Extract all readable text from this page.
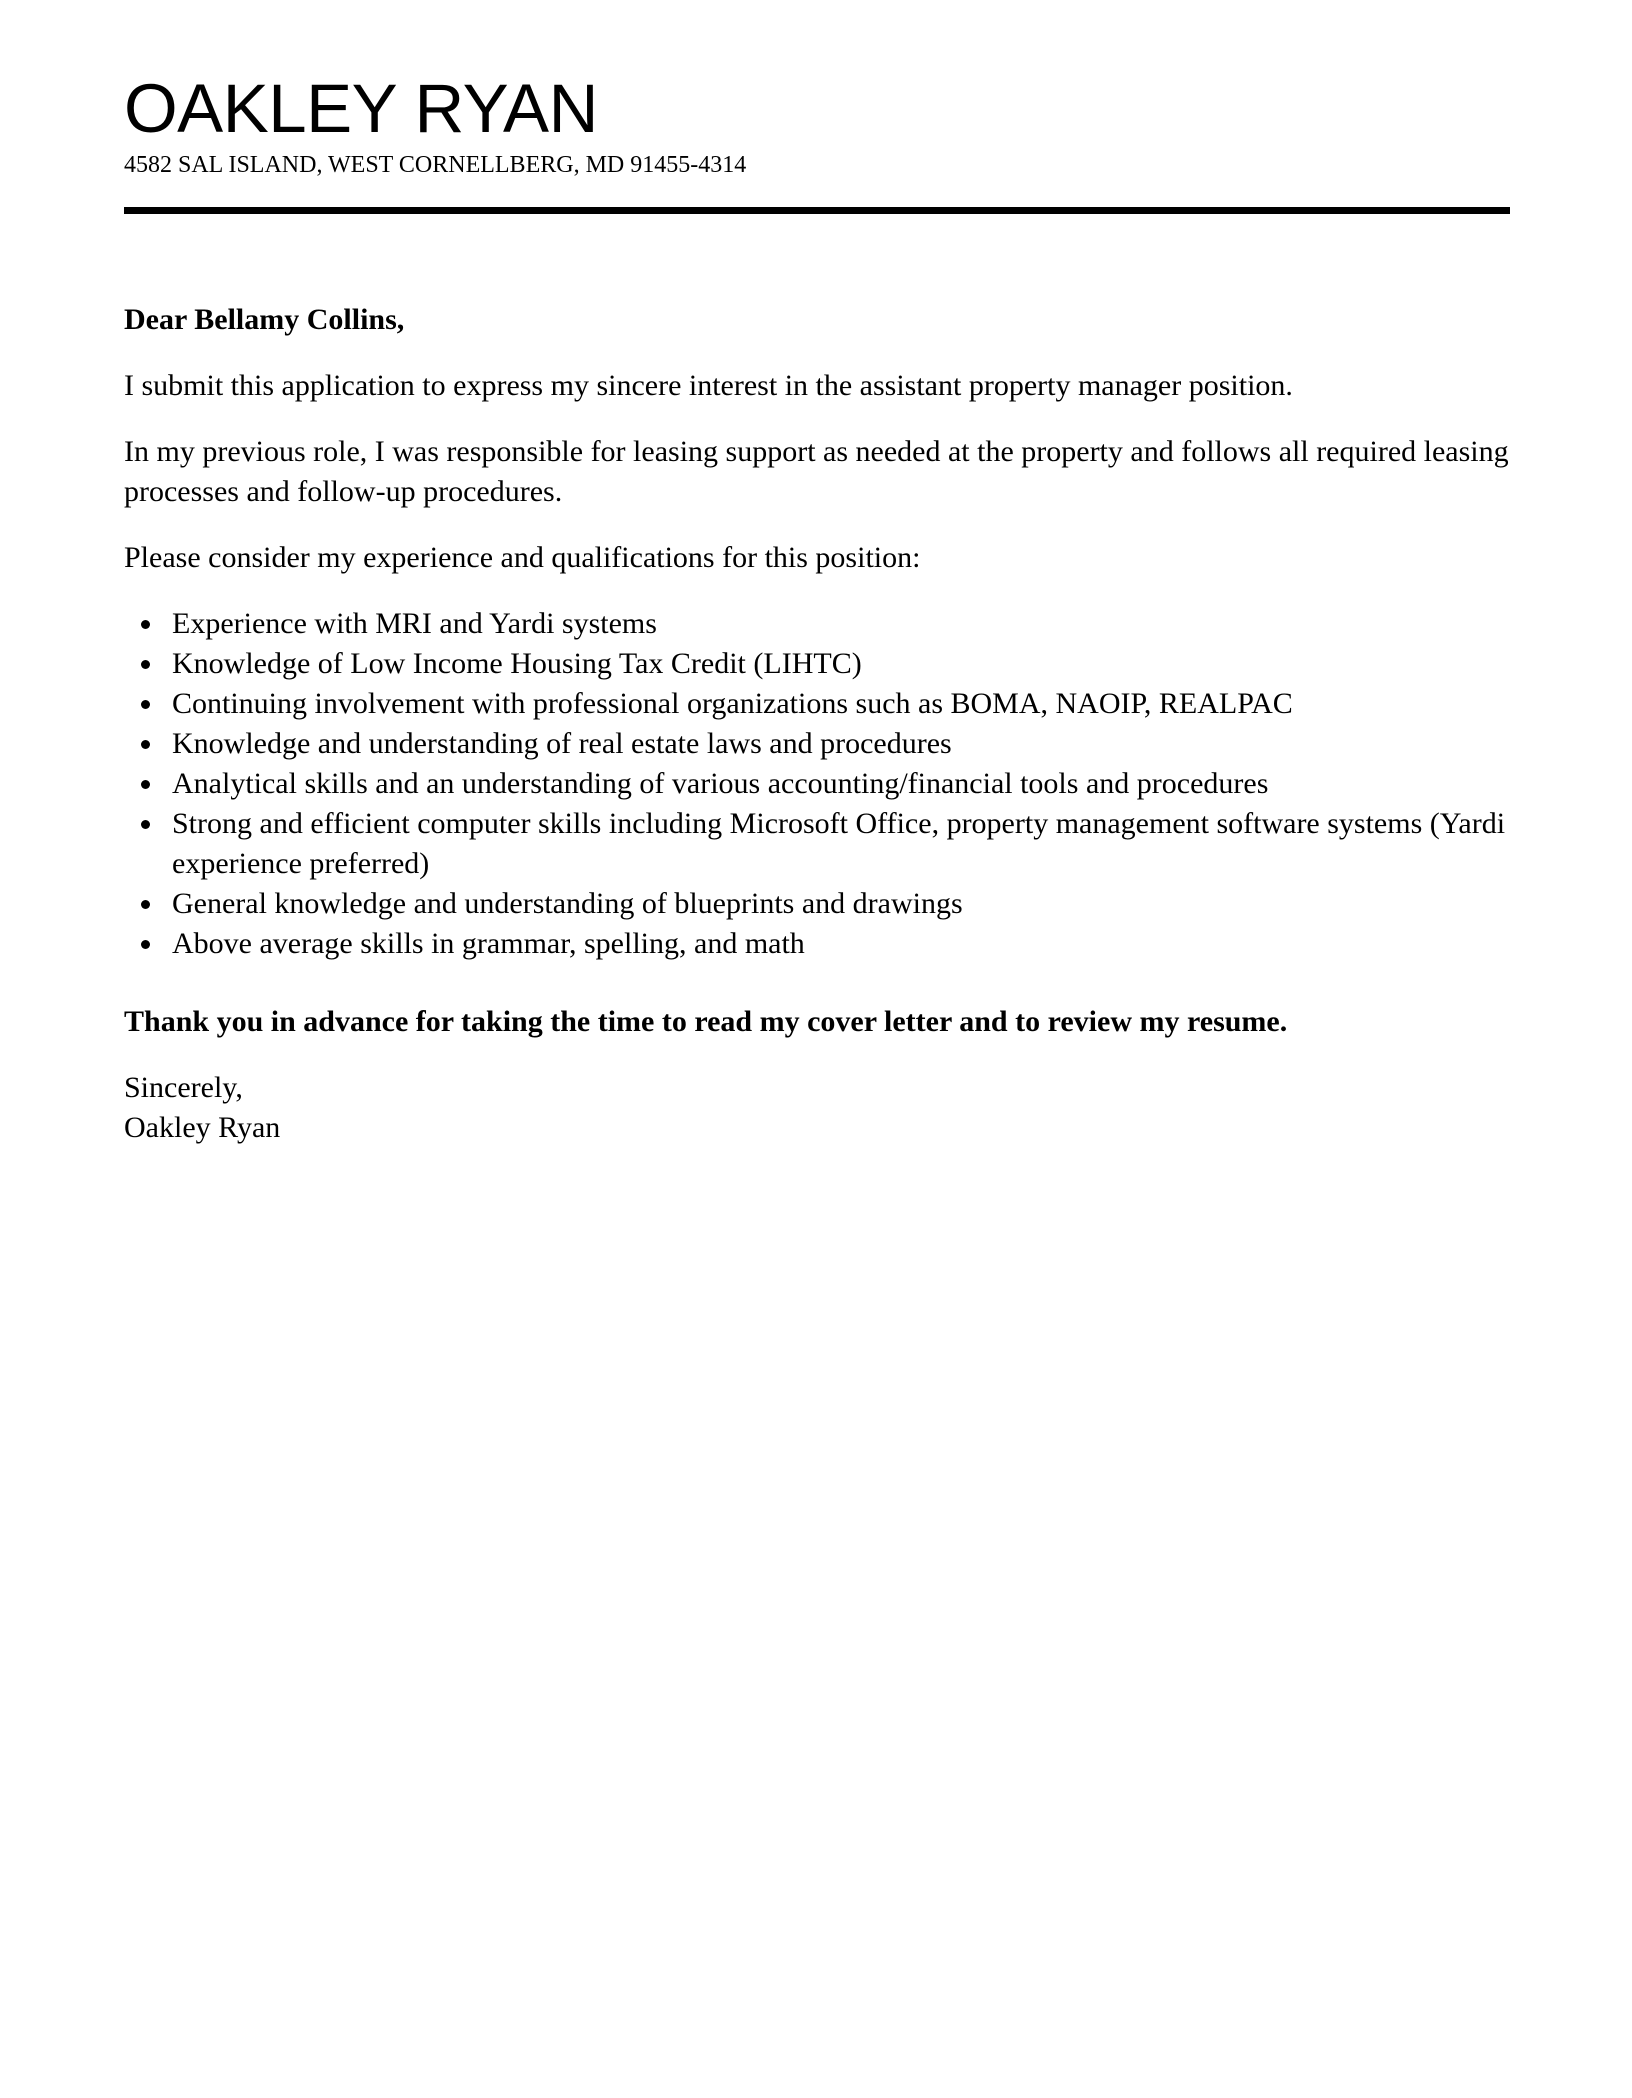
OAKLEY RYAN
4582 SAL ISLAND, WEST CORNELLBERG, MD 91455-4314

Dear Bellamy Collins,

I submit this application to express my sincere interest in the assistant property manager position.

In my previous role, I was responsible for leasing support as needed at the property and follows all required leasing processes and follow-up procedures.

Please consider my experience and qualifications for this position:

Experience with MRI and Yardi systems
Knowledge of Low Income Housing Tax Credit (LIHTC)
Continuing involvement with professional organizations such as BOMA, NAOIP, REALPAC
Knowledge and understanding of real estate laws and procedures
Analytical skills and an understanding of various accounting/financial tools and procedures
Strong and efficient computer skills including Microsoft Office, property management software systems (Yardi experience preferred)
General knowledge and understanding of blueprints and drawings
Above average skills in grammar, spelling, and math

Thank you in advance for taking the time to read my cover letter and to review my resume.

Sincerely,
Oakley Ryan
